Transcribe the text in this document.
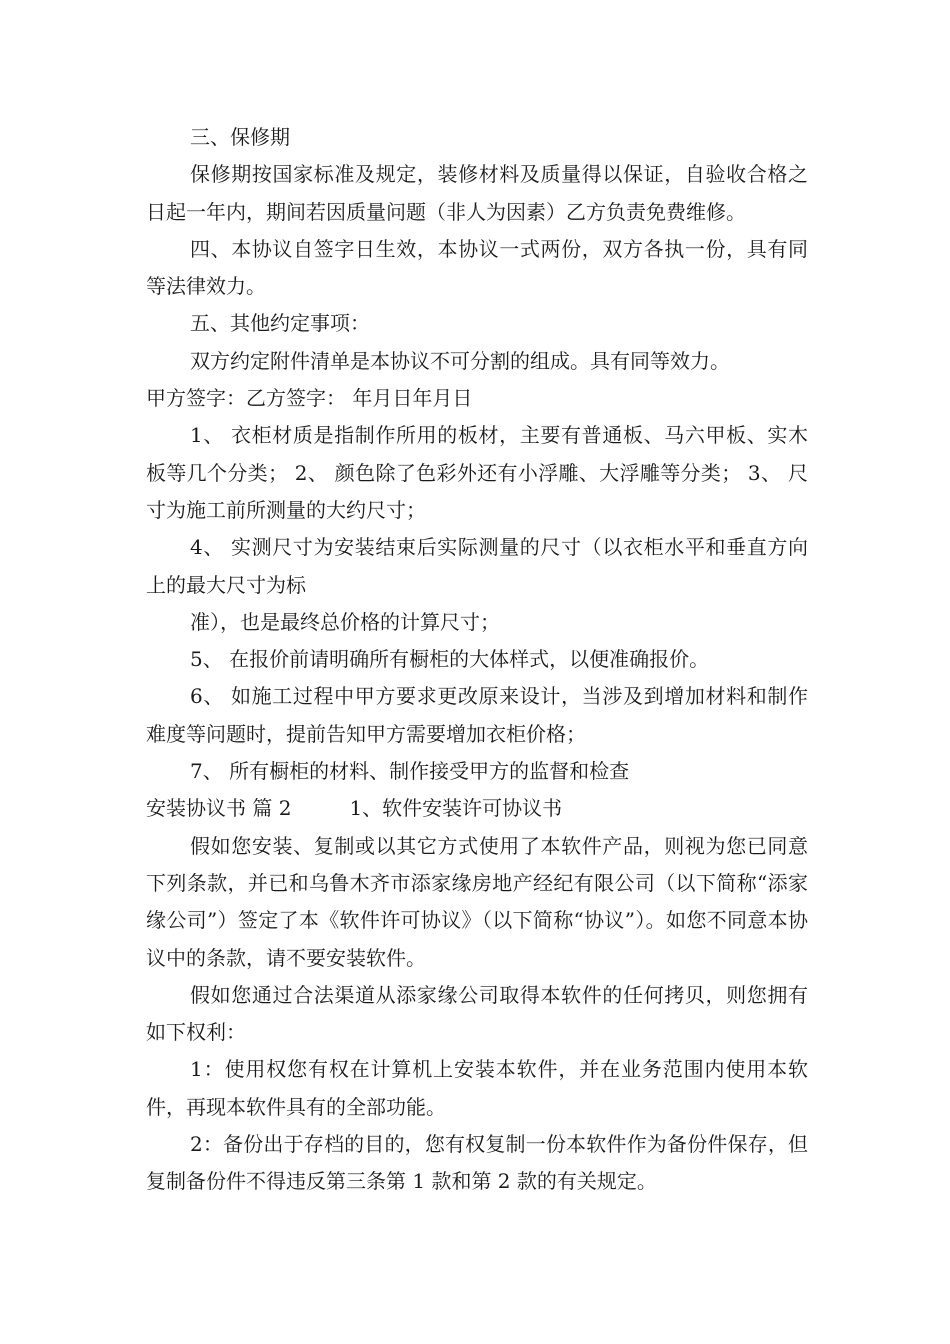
三、保修期

保修期按国家标准及规定，装修材料及质量得以保证，自验收合格之日起一年内，期间若因质量问题（非人为因素）乙方负责免费维修。

四、本协议自签字日生效，本协议一式两份，双方各执一份，具有同等法律效力。

五、其他约定事项：

双方约定附件清单是本协议不可分割的组成。具有同等效力。

甲方签字：乙方签字： 年月日年月日

1、 衣柜材质是指制作所用的板材，主要有普通板、马六甲板、实木板等几个分类； 2、 颜色除了色彩外还有小浮雕、大浮雕等分类； 3、 尺寸为施工前所测量的大约尺寸；

4、 实测尺寸为安装结束后实际测量的尺寸（以衣柜水平和垂直方向上的最大尺寸为标

准），也是最终总价格的计算尺寸；

5、 在报价前请明确所有橱柜的大体样式，以便准确报价。

6、 如施工过程中甲方要求更改原来设计，当涉及到增加材料和制作难度等问题时，提前告知甲方需要增加衣柜价格；

7、 所有橱柜的材料、制作接受甲方的监督和检查

安装协议书 篇 2	1、软件安装许可协议书

假如您安装、复制或以其它方式使用了本软件产品，则视为您已同意下列条款，并已和乌鲁木齐市添家缘房地产经纪有限公司（以下简称“添家缘公司”）签定了本《软件许可协议》（以下简称“协议”）。如您不同意本协议中的条款，请不要安装软件。

假如您通过合法渠道从添家缘公司取得本软件的任何拷贝，则您拥有如下权利：

1：使用权您有权在计算机上安装本软件，并在业务范围内使用本软件，再现本软件具有的全部功能。

2：备份出于存档的目的，您有权复制一份本软件作为备份件保存，但复制备份件不得违反第三条第 1 款和第 2 款的有关规定。
